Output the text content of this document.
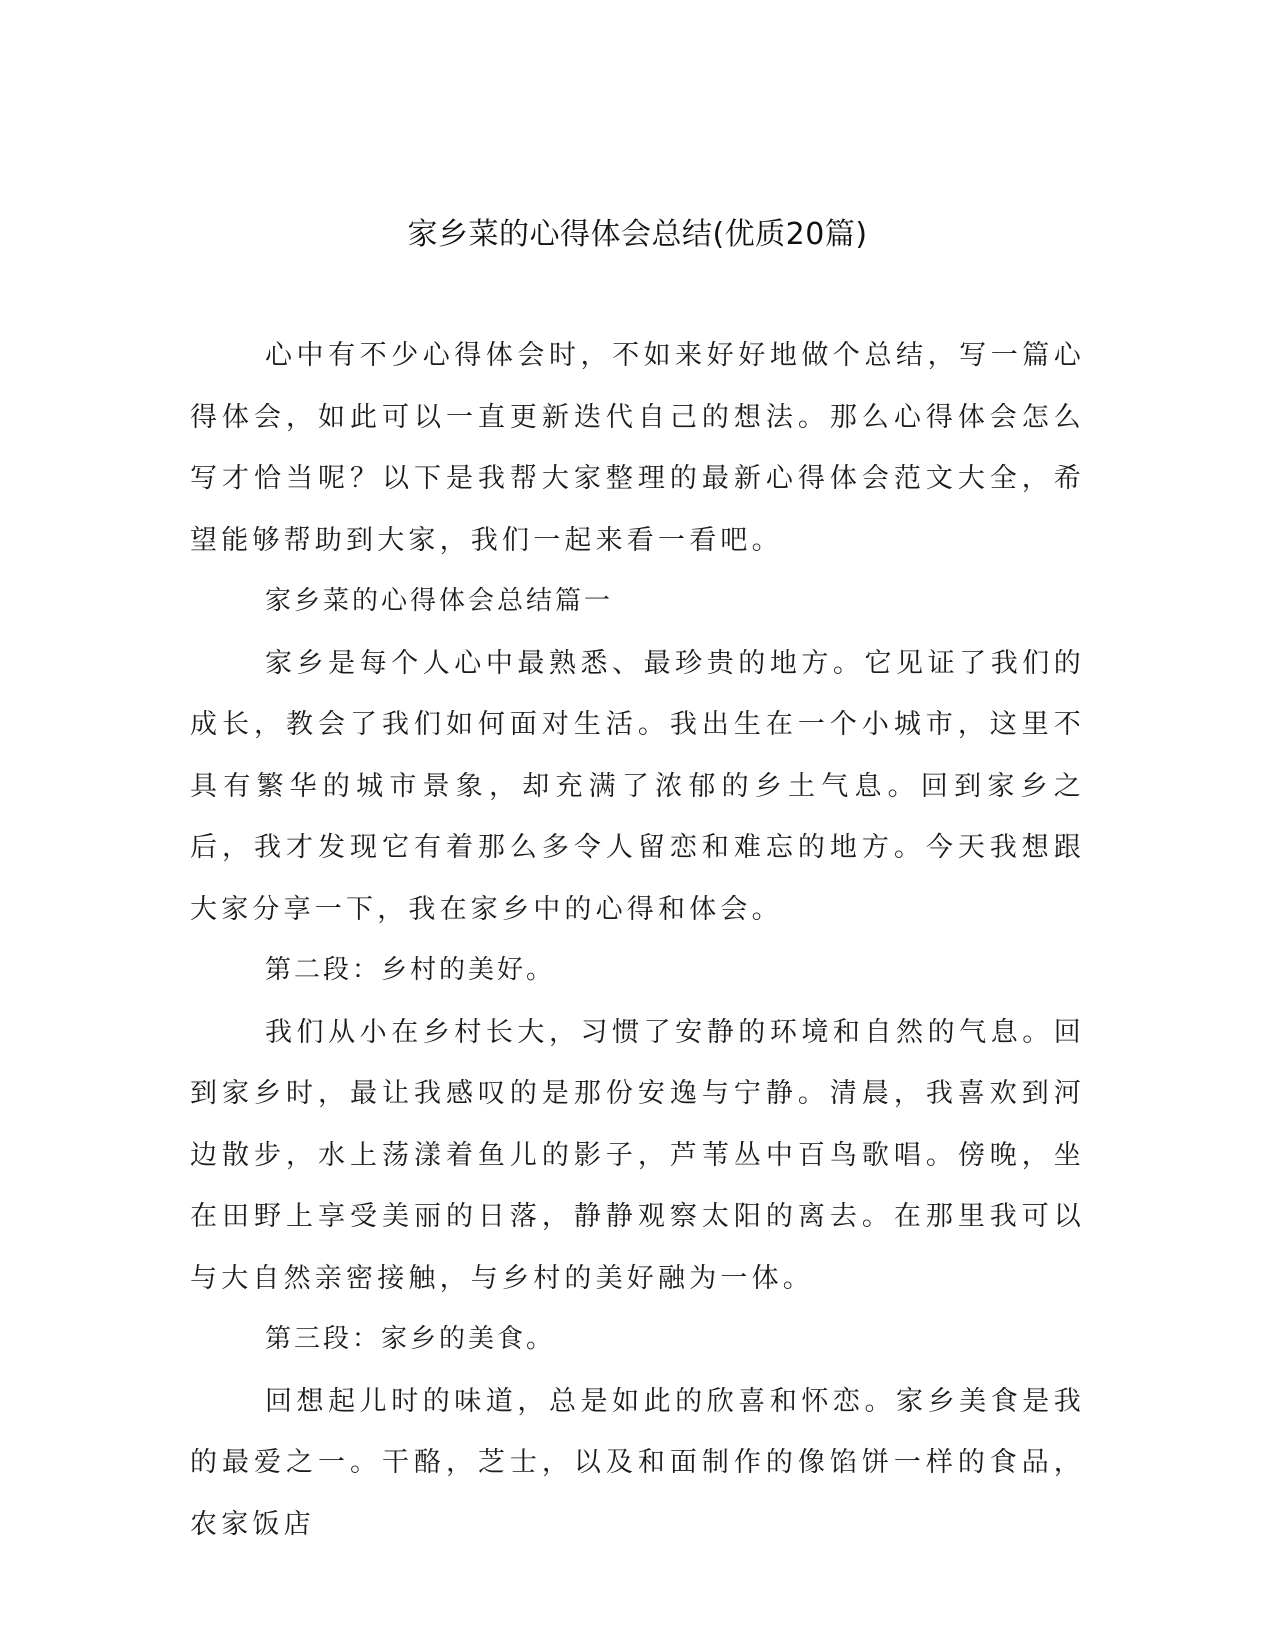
家乡菜的心得体会总结(优质20篇)

心中有不少心得体会时，不如来好好地做个总结，写一篇心得体会，如此可以一直更新迭代自己的想法。那么心得体会怎么写才恰当呢？以下是我帮大家整理的最新心得体会范文大全，希望能够帮助到大家，我们一起来看一看吧。

家乡菜的心得体会总结篇一

家乡是每个人心中最熟悉、最珍贵的地方。它见证了我们的成长，教会了我们如何面对生活。我出生在一个小城市，这里不具有繁华的城市景象，却充满了浓郁的乡土气息。回到家乡之后，我才发现它有着那么多令人留恋和难忘的地方。今天我想跟大家分享一下，我在家乡中的心得和体会。

第二段：乡村的美好。

我们从小在乡村长大，习惯了安静的环境和自然的气息。回到家乡时，最让我感叹的是那份安逸与宁静。清晨，我喜欢到河边散步，水上荡漾着鱼儿的影子，芦苇丛中百鸟歌唱。傍晚，坐在田野上享受美丽的日落，静静观察太阳的离去。在那里我可以与大自然亲密接触，与乡村的美好融为一体。

第三段：家乡的美食。

回想起儿时的味道，总是如此的欣喜和怀恋。家乡美食是我的最爱之一。干酪，芝士，以及和面制作的像馅饼一样的食品，农家饭店
